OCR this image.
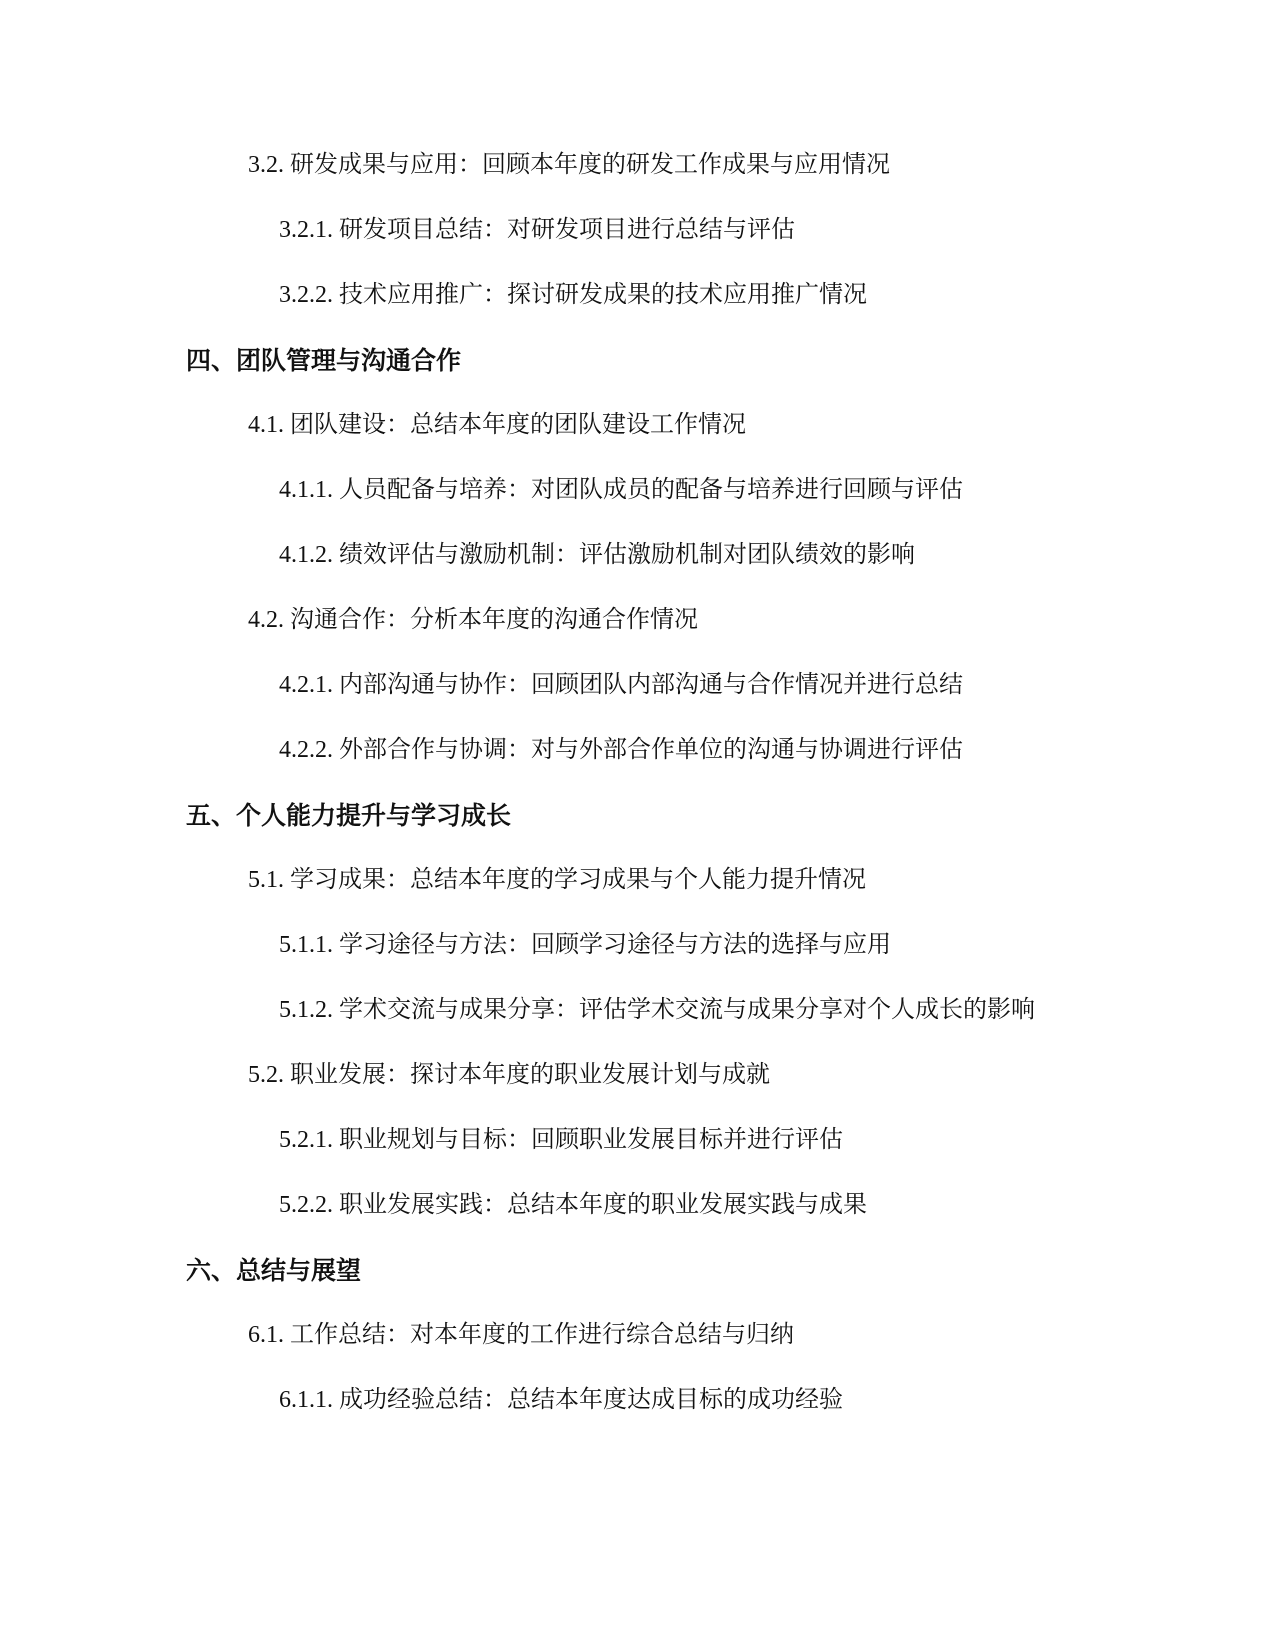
3.2. 研发成果与应用：回顾本年度的研发工作成果与应用情况
3.2.1. 研发项目总结：对研发项目进行总结与评估
3.2.2. 技术应用推广：探讨研发成果的技术应用推广情况
四、团队管理与沟通合作
4.1. 团队建设：总结本年度的团队建设工作情况
4.1.1. 人员配备与培养：对团队成员的配备与培养进行回顾与评估
4.1.2. 绩效评估与激励机制：评估激励机制对团队绩效的影响
4.2. 沟通合作：分析本年度的沟通合作情况
4.2.1. 内部沟通与协作：回顾团队内部沟通与合作情况并进行总结
4.2.2. 外部合作与协调：对与外部合作单位的沟通与协调进行评估
五、个人能力提升与学习成长
5.1. 学习成果：总结本年度的学习成果与个人能力提升情况
5.1.1. 学习途径与方法：回顾学习途径与方法的选择与应用
5.1.2. 学术交流与成果分享：评估学术交流与成果分享对个人成长的影响
5.2. 职业发展：探讨本年度的职业发展计划与成就
5.2.1. 职业规划与目标：回顾职业发展目标并进行评估
5.2.2. 职业发展实践：总结本年度的职业发展实践与成果
六、总结与展望
6.1. 工作总结：对本年度的工作进行综合总结与归纳
6.1.1. 成功经验总结：总结本年度达成目标的成功经验
